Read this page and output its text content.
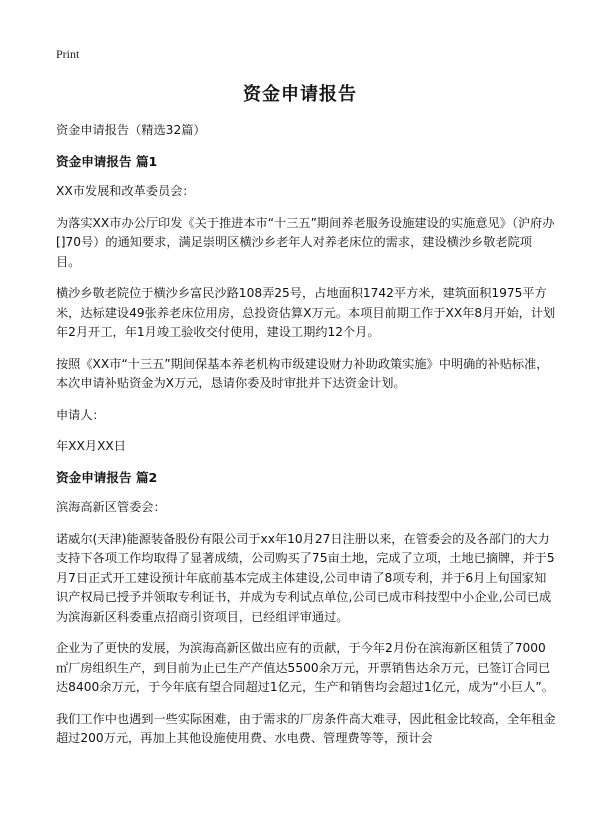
Print
资金申请报告

资金申请报告（精选32篇）

资金申请报告 篇1

XX市发展和改革委员会：

为落实XX市办公厅印发《关于推进本市“十三五”期间养老服务设施建设的实施意见》（沪府办[]70号）的通知要求，满足崇明区横沙乡老年人对养老床位的需求，建设横沙乡敬老院项目。

横沙乡敬老院位于横沙乡富民沙路108弄25号，占地面积1742平方米，建筑面积1975平方米，达标建设49张养老床位用房，总投资估算X万元。本项目前期工作于XX年8月开始，计划年2月开工，年1月竣工验收交付使用，建设工期约12个月。

按照《XX市“十三五”期间保基本养老机构市级建设财力补助政策实施》中明确的补贴标准，本次申请补贴资金为X万元，恳请你委及时审批并下达资金计划。

申请人：

年XX月XX日

资金申请报告 篇2

滨海高新区管委会：

诺威尔(天津)能源装备股份有限公司于xx年10月27日注册以来，在管委会的及各部门的大力支持下各项工作均取得了显著成绩，公司购买了75亩土地，完成了立项，土地已摘牌，并于5月7日正式开工建设预计年底前基本完成主体建设,公司申请了8项专利，并于6月上旬国家知识产权局已授予并领取专利证书，并成为专利试点单位,公司已成市科技型中小企业,公司已成为滨海新区科委重点招商引资项目，已经组评审通过。

企业为了更快的发展，为滨海高新区做出应有的贡献，于今年2月份在滨海新区租赁了7000㎡厂房组织生产，到目前为止已生产产值达5500余万元，开票销售达余万元，已签订合同已达8400余万元，于今年底有望合同超过1亿元，生产和销售均会超过1亿元，成为“小巨人”。

我们工作中也遇到一些实际困难，由于需求的厂房条件高大难寻，因此租金比较高，全年租金超过200万元，再加上其他设施使用费、水电费、管理费等等，预计会
